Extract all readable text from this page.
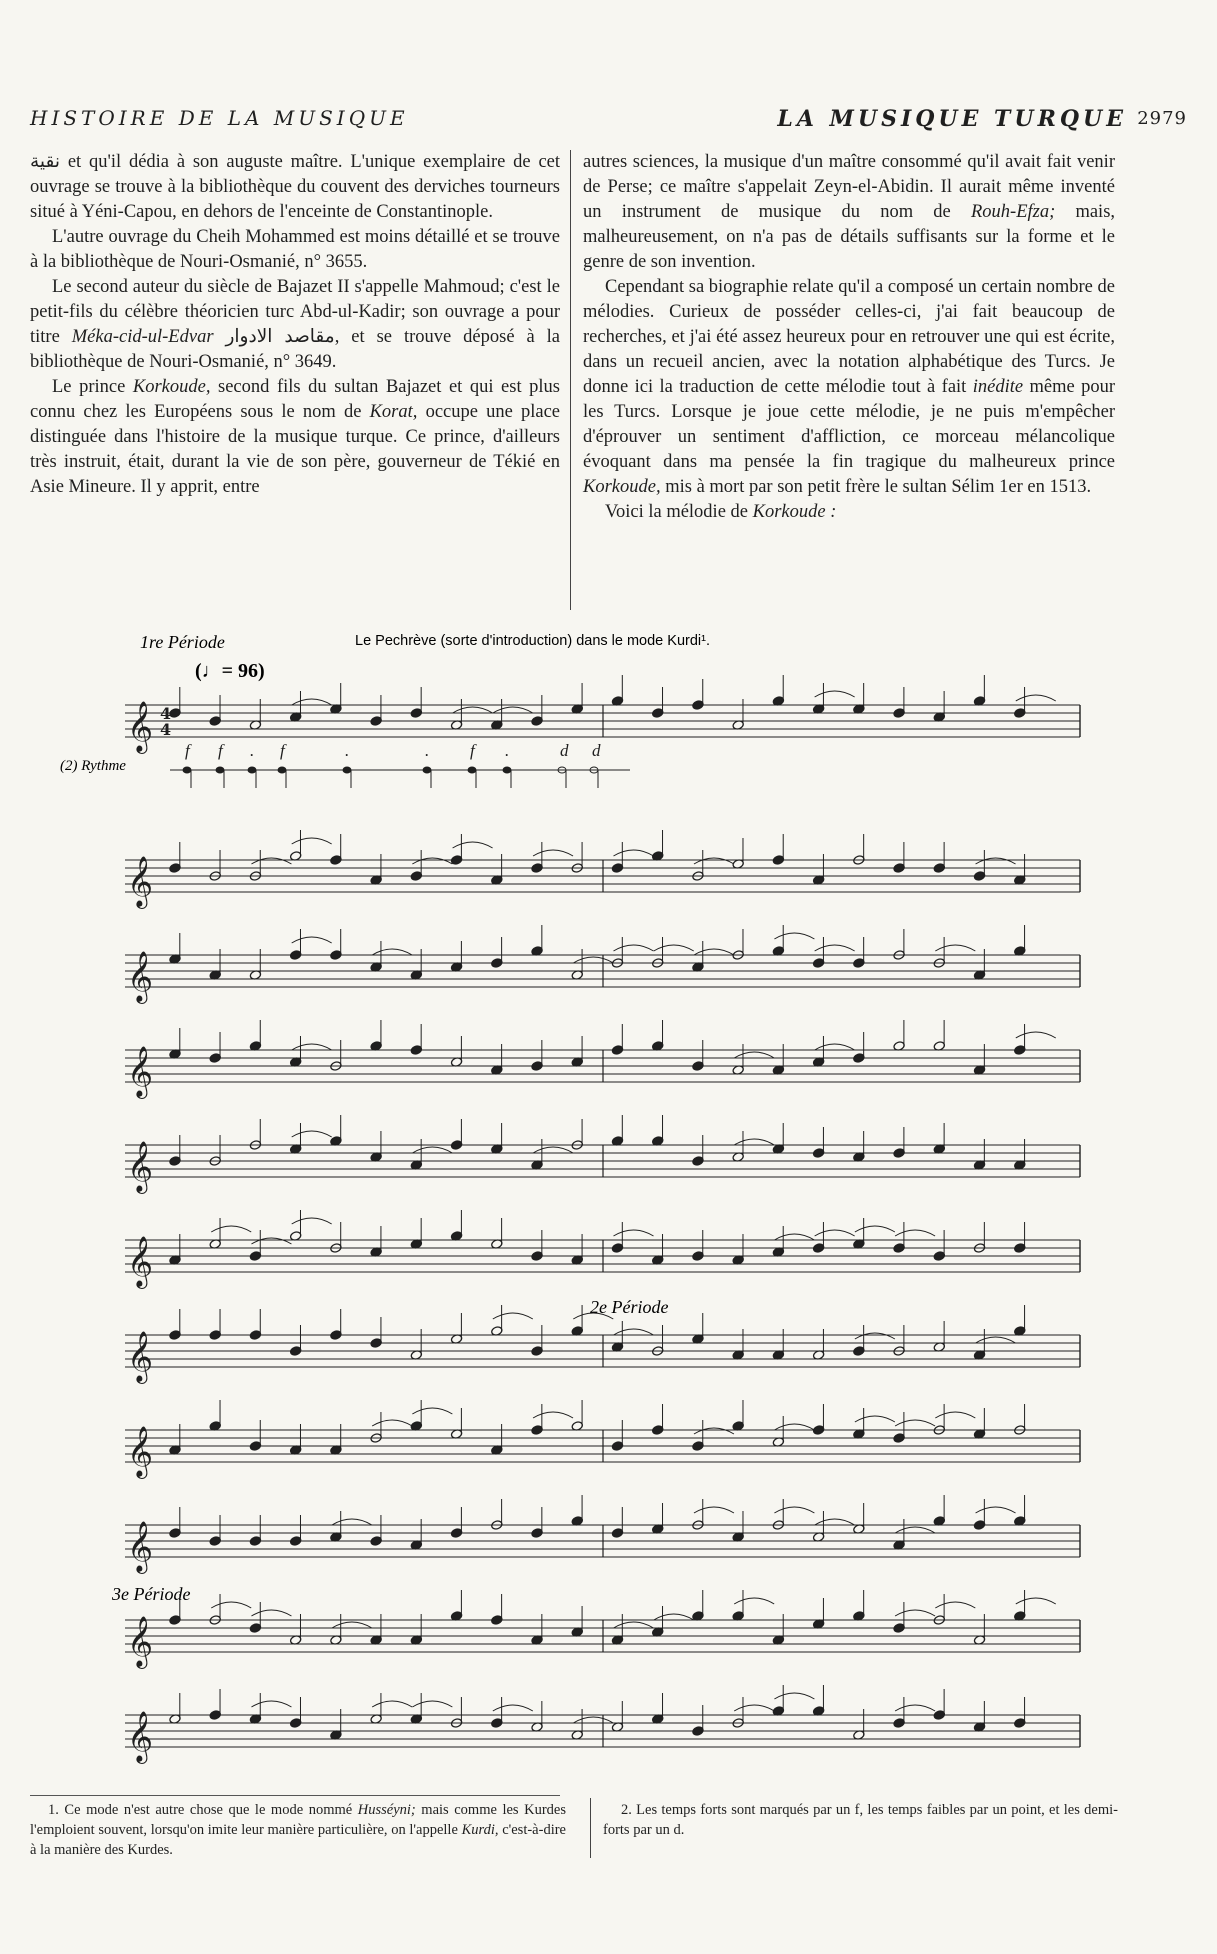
HISTOIRE DE LA MUSIQUE	LA MUSIQUE TURQUE 2979

نقية et qu'il dédia à son auguste maître. L'unique exemplaire de cet ouvrage se trouve à la bibliothèque du couvent des derviches tourneurs situé à Yéni-Capou, en dehors de l'enceinte de Constantinople.

L'autre ouvrage du Cheih Mohammed est moins détaillé et se trouve à la bibliothèque de Nouri-Osmanié, n° 3655.

Le second auteur du siècle de Bajazet II s'appelle Mahmoud; c'est le petit-fils du célèbre théoricien turc Abd-ul-Kadir; son ouvrage a pour titre Méka-cid-ul-Edvar مقاصد الادوار, et se trouve déposé à la bibliothèque de Nouri-Osmanié, n° 3649.

Le prince Korkoude, second fils du sultan Bajazet et qui est plus connu chez les Européens sous le nom de Korat, occupe une place distinguée dans l'histoire de la musique turque. Ce prince, d'ailleurs très instruit, était, durant la vie de son père, gouverneur de Tékié en Asie Mineure. Il y apprit, entre

autres sciences, la musique d'un maître consommé qu'il avait fait venir de Perse; ce maître s'appelait Zeyn-el-Abidin. Il aurait même inventé un instrument de musique du nom de Rouh-Efza; mais, malheureusement, on n'a pas de détails suffisants sur la forme et le genre de son invention.

Cependant sa biographie relate qu'il a composé un certain nombre de mélodies. Curieux de posséder celles-ci, j'ai fait beaucoup de recherches, et j'ai été assez heureux pour en retrouver une qui est écrite, dans un recueil ancien, avec la notation alphabétique des Turcs. Je donne ici la traduction de cette mélodie tout à fait inédite même pour les Turcs. Lorsque je joue cette mélodie, je ne puis m'empêcher d'éprouver un sentiment d'affliction, ce morceau mélancolique évoquant dans ma pensée la fin tragique du malheureux prince Korkoude, mis à mort par son petit frère le sultan Sélim 1er en 1513.

Voici la mélodie de Korkoude :

1re Période	Le Pechrève (sorte d'introduction) dans le mode Kurdi¹.
(♩= 96)
(2) Rythme
2e Période
3e Période
𝄞
𝄞
𝄞
𝄞
𝄞
𝄞
𝄞
𝄞
𝄞
𝄞
𝄞
4
4
f f . f	.	. f .	d d

1. Ce mode n'est autre chose que le mode nommé Husséyni; mais comme les Kurdes l'emploient souvent, lorsqu'on imite leur manière particulière, on l'appelle Kurdi, c'est-à-dire à la manière des Kurdes.

2. Les temps forts sont marqués par un f, les temps faibles par un point, et les demi-forts par un d.
